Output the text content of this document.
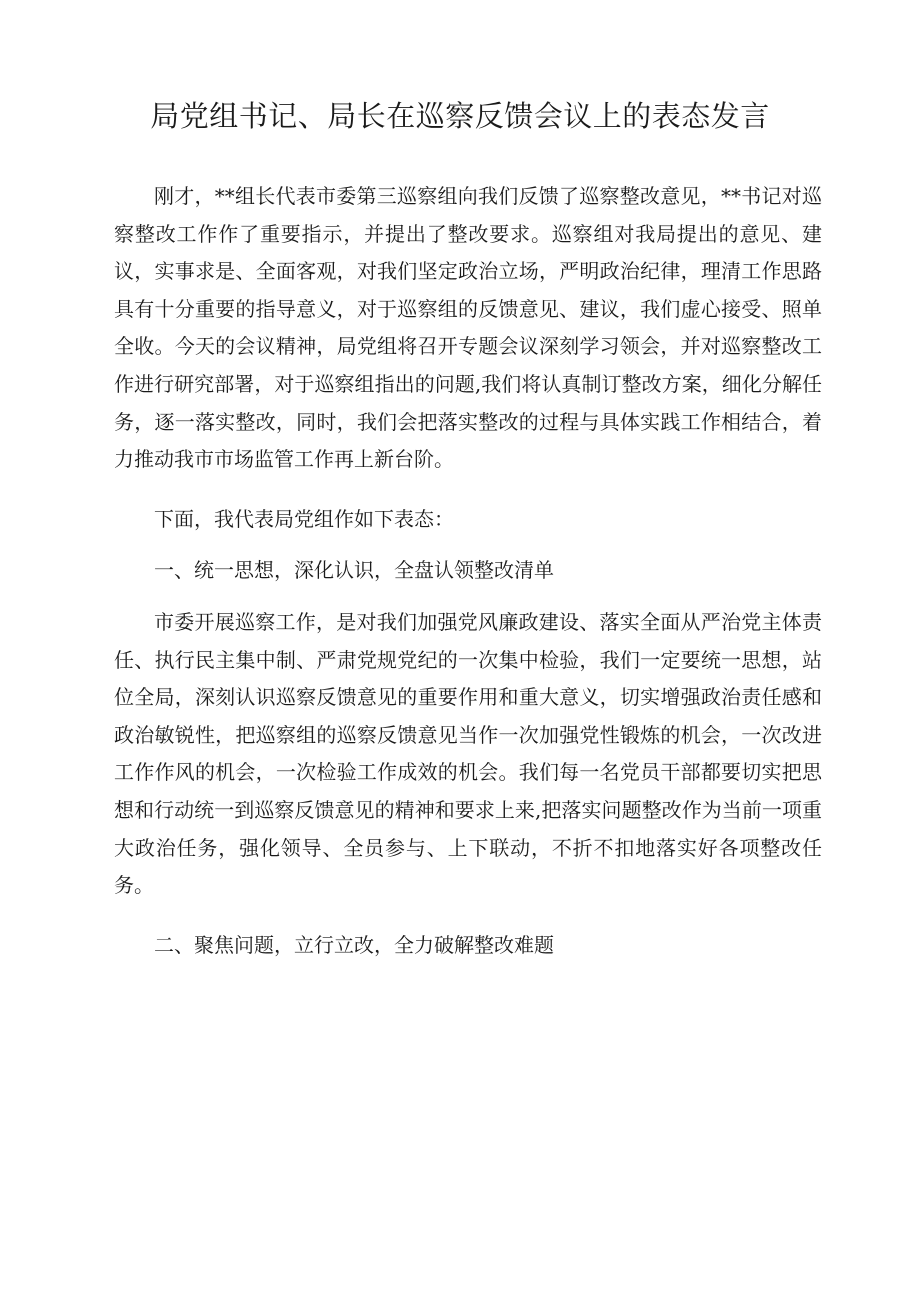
局党组书记、局长在巡察反馈会议上的表态发言

刚才，**组长代表市委第三巡察组向我们反馈了巡察整改意见，**书记对巡察整改工作作了重要指示，并提出了整改要求。巡察组对我局提出的意见、建议，实事求是、全面客观，对我们坚定政治立场，严明政治纪律，理清工作思路具有十分重要的指导意义，对于巡察组的反馈意见、建议，我们虚心接受、照单全收。今天的会议精神，局党组将召开专题会议深刻学习领会，并对巡察整改工作进行研究部署，对于巡察组指出的问题,我们将认真制订整改方案，细化分解任务，逐一落实整改，同时，我们会把落实整改的过程与具体实践工作相结合，着力推动我市市场监管工作再上新台阶。

下面，我代表局党组作如下表态：

一、统一思想，深化认识，全盘认领整改清单

市委开展巡察工作，是对我们加强党风廉政建设、落实全面从严治党主体责任、执行民主集中制、严肃党规党纪的一次集中检验，我们一定要统一思想，站位全局，深刻认识巡察反馈意见的重要作用和重大意义，切实增强政治责任感和政治敏锐性，把巡察组的巡察反馈意见当作一次加强党性锻炼的机会，一次改进工作作风的机会，一次检验工作成效的机会。我们每一名党员干部都要切实把思想和行动统一到巡察反馈意见的精神和要求上来,把落实问题整改作为当前一项重大政治任务，强化领导、全员参与、上下联动，不折不扣地落实好各项整改任务。

二、聚焦问题，立行立改，全力破解整改难题
